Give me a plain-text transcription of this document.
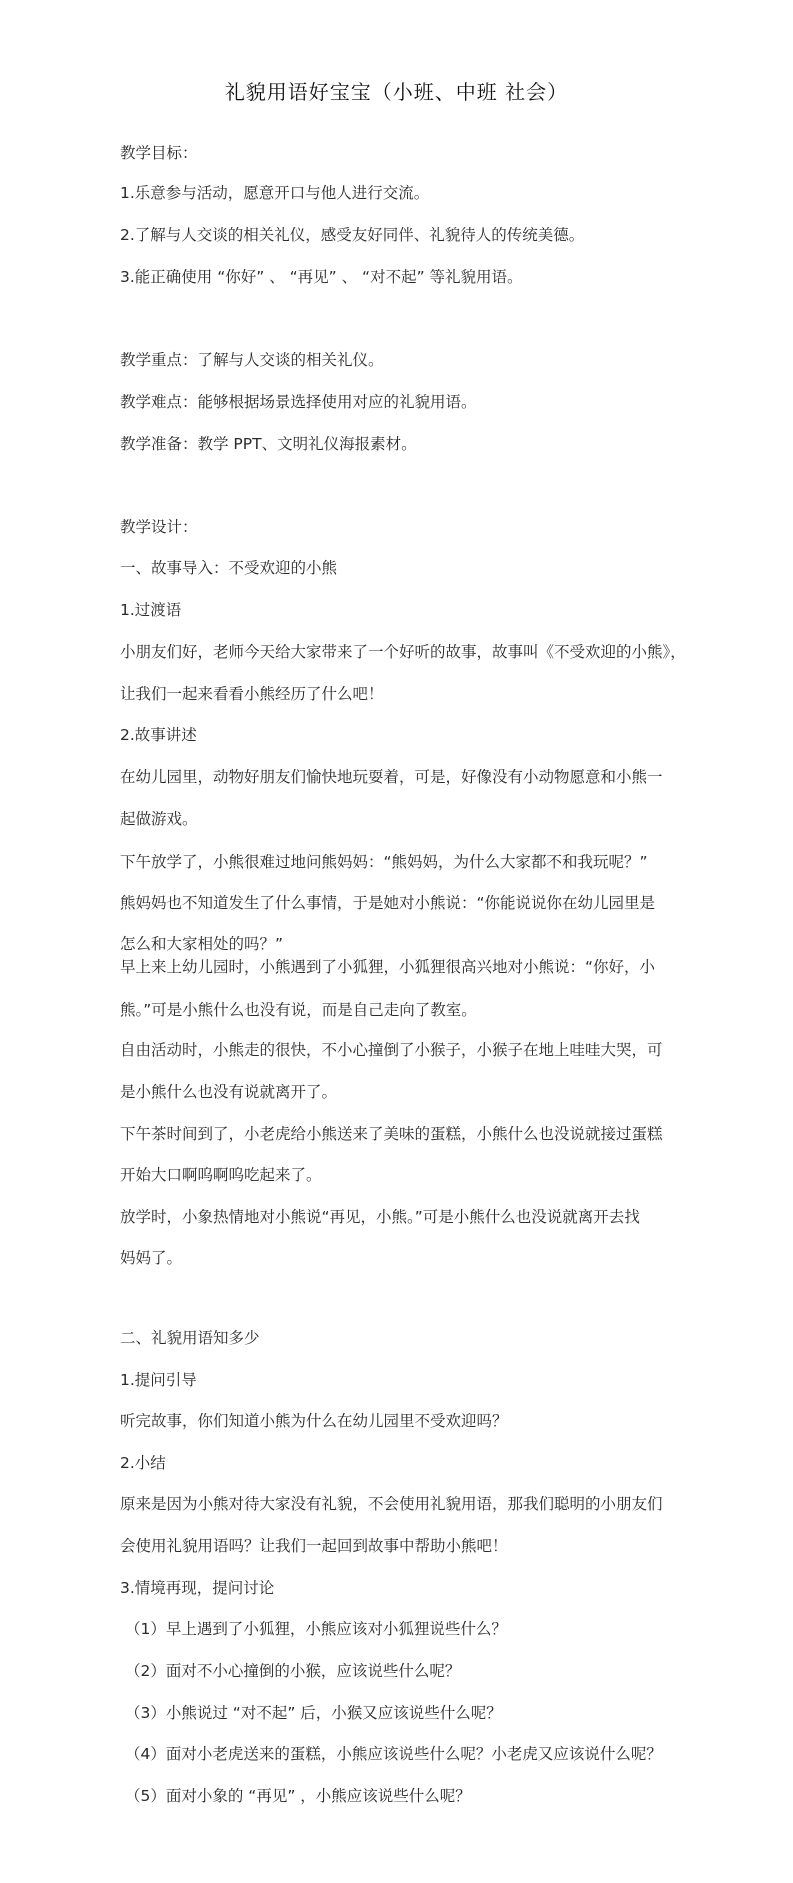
礼貌用语好宝宝（小班、中班 社会）
教学目标：
1.乐意参与活动，愿意开口与他人进行交流。
2.了解与人交谈的相关礼仪，感受友好同伴、礼貌待人的传统美德。
3.能正确使用 “你好” 、 “再见” 、 “对不起” 等礼貌用语。
教学重点：了解与人交谈的相关礼仪。
教学难点：能够根据场景选择使用对应的礼貌用语。
教学准备：教学 PPT、文明礼仪海报素材。
教学设计：
一、故事导入：不受欢迎的小熊
1.过渡语
小朋友们好，老师今天给大家带来了一个好听的故事，故事叫《不受欢迎的小熊》，
让我们一起来看看小熊经历了什么吧！
2.故事讲述
在幼儿园里，动物好朋友们愉快地玩耍着，可是，好像没有小动物愿意和小熊一
起做游戏。
下午放学了，小熊很难过地问熊妈妈：“熊妈妈，为什么大家都不和我玩呢？”
熊妈妈也不知道发生了什么事情，于是她对小熊说：“你能说说你在幼儿园里是
怎么和大家相处的吗？”
早上来上幼儿园时，小熊遇到了小狐狸，小狐狸很高兴地对小熊说：“你好，小
熊。”可是小熊什么也没有说，而是自己走向了教室。
自由活动时，小熊走的很快，不小心撞倒了小猴子，小猴子在地上哇哇大哭，可
是小熊什么也没有说就离开了。
下午茶时间到了，小老虎给小熊送来了美味的蛋糕，小熊什么也没说就接过蛋糕
开始大口啊呜啊呜吃起来了。
放学时，小象热情地对小熊说“再见，小熊。”可是小熊什么也没说就离开去找
妈妈了。
二、礼貌用语知多少
1.提问引导
听完故事，你们知道小熊为什么在幼儿园里不受欢迎吗？
2.小结
原来是因为小熊对待大家没有礼貌，不会使用礼貌用语，那我们聪明的小朋友们
会使用礼貌用语吗？让我们一起回到故事中帮助小熊吧！
3.情境再现，提问讨论
（1）早上遇到了小狐狸，小熊应该对小狐狸说些什么？
（2）面对不小心撞倒的小猴，应该说些什么呢？
（3）小熊说过 “对不起” 后，小猴又应该说些什么呢？
（4）面对小老虎送来的蛋糕，小熊应该说些什么呢？小老虎又应该说什么呢？
（5）面对小象的 “再见” ，小熊应该说些什么呢？
